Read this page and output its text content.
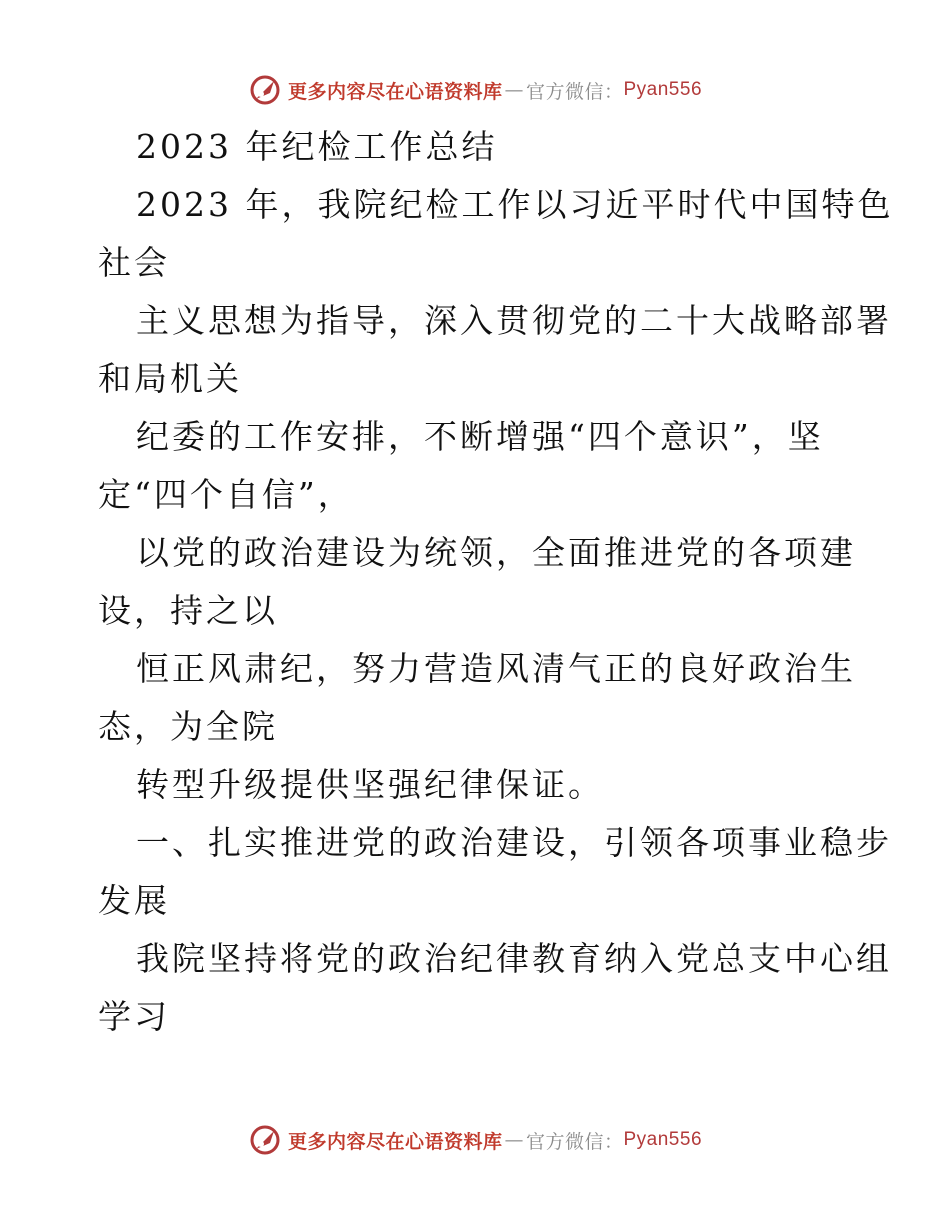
更多内容尽在心语资料库 — 官方微信： Pyan556
2023 年纪检工作总结
2023 年，我院纪检工作以习近平时代中国特色
社会
主义思想为指导，深入贯彻党的二十大战略部署
和局机关
纪委的工作安排，不断增强“四个意识”，坚
定“四个自信”，
以党的政治建设为统领，全面推进党的各项建
设，持之以
恒正风肃纪，努力营造风清气正的良好政治生
态，为全院
转型升级提供坚强纪律保证。
一、扎实推进党的政治建设，引领各项事业稳步
发展
我院坚持将党的政治纪律教育纳入党总支中心组
学习
更多内容尽在心语资料库 — 官方微信： Pyan556
